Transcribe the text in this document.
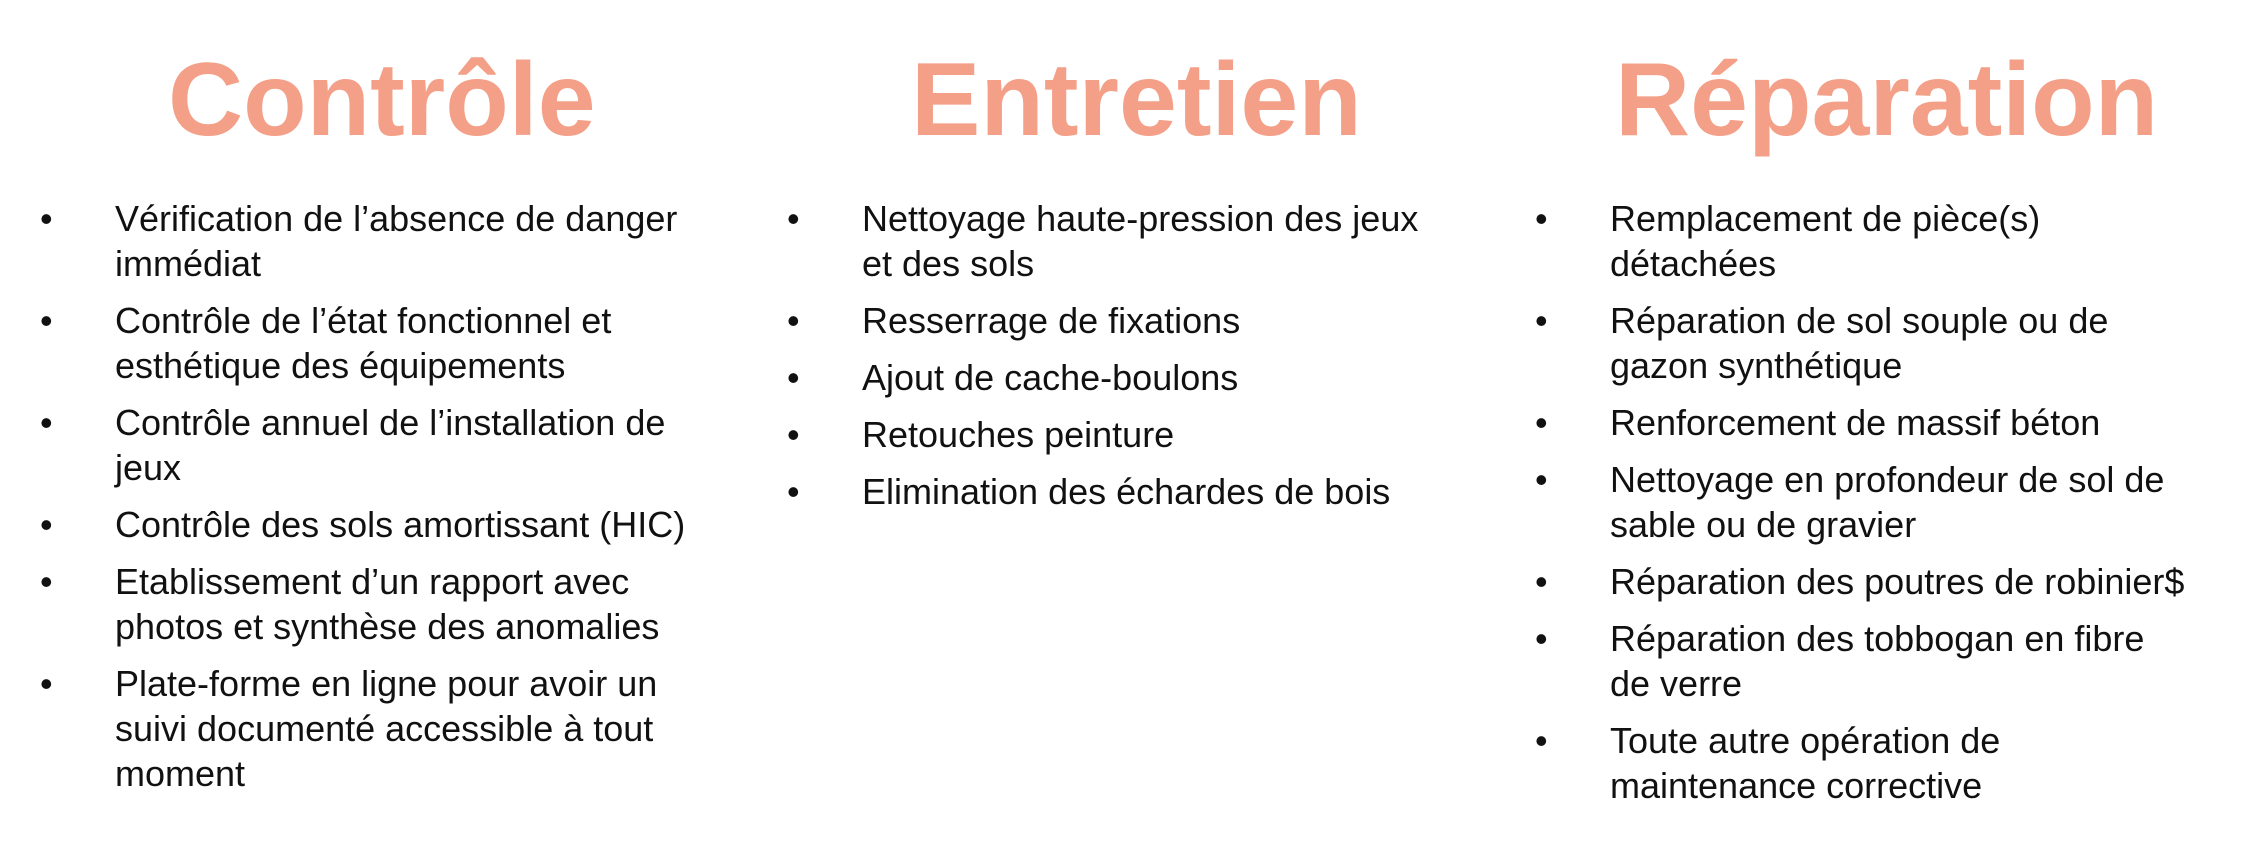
Contrôle
• Vérification de l’absence de danger
immédiat
• Contrôle de l’état fonctionnel et
esthétique des équipements
• Contrôle annuel de l’installation de
jeux
• Contrôle des sols amortissant (HIC)
• Etablissement d’un rapport avec
photos et synthèse des anomalies
• Plate-forme en ligne pour avoir un
suivi documenté accessible à tout
moment
Entretien
• Nettoyage haute-pression des jeux
et des sols
• Resserrage de fixations
• Ajout de cache-boulons
• Retouches peinture
• Elimination des échardes de bois
Réparation
• Remplacement de pièce(s)
détachées
• Réparation de sol souple ou de
gazon synthétique
• Renforcement de massif béton
• Nettoyage en profondeur de sol de
sable ou de gravier
• Réparation des poutres de robinier$
• Réparation des tobbogan en fibre
de verre
• Toute autre opération de
maintenance corrective
